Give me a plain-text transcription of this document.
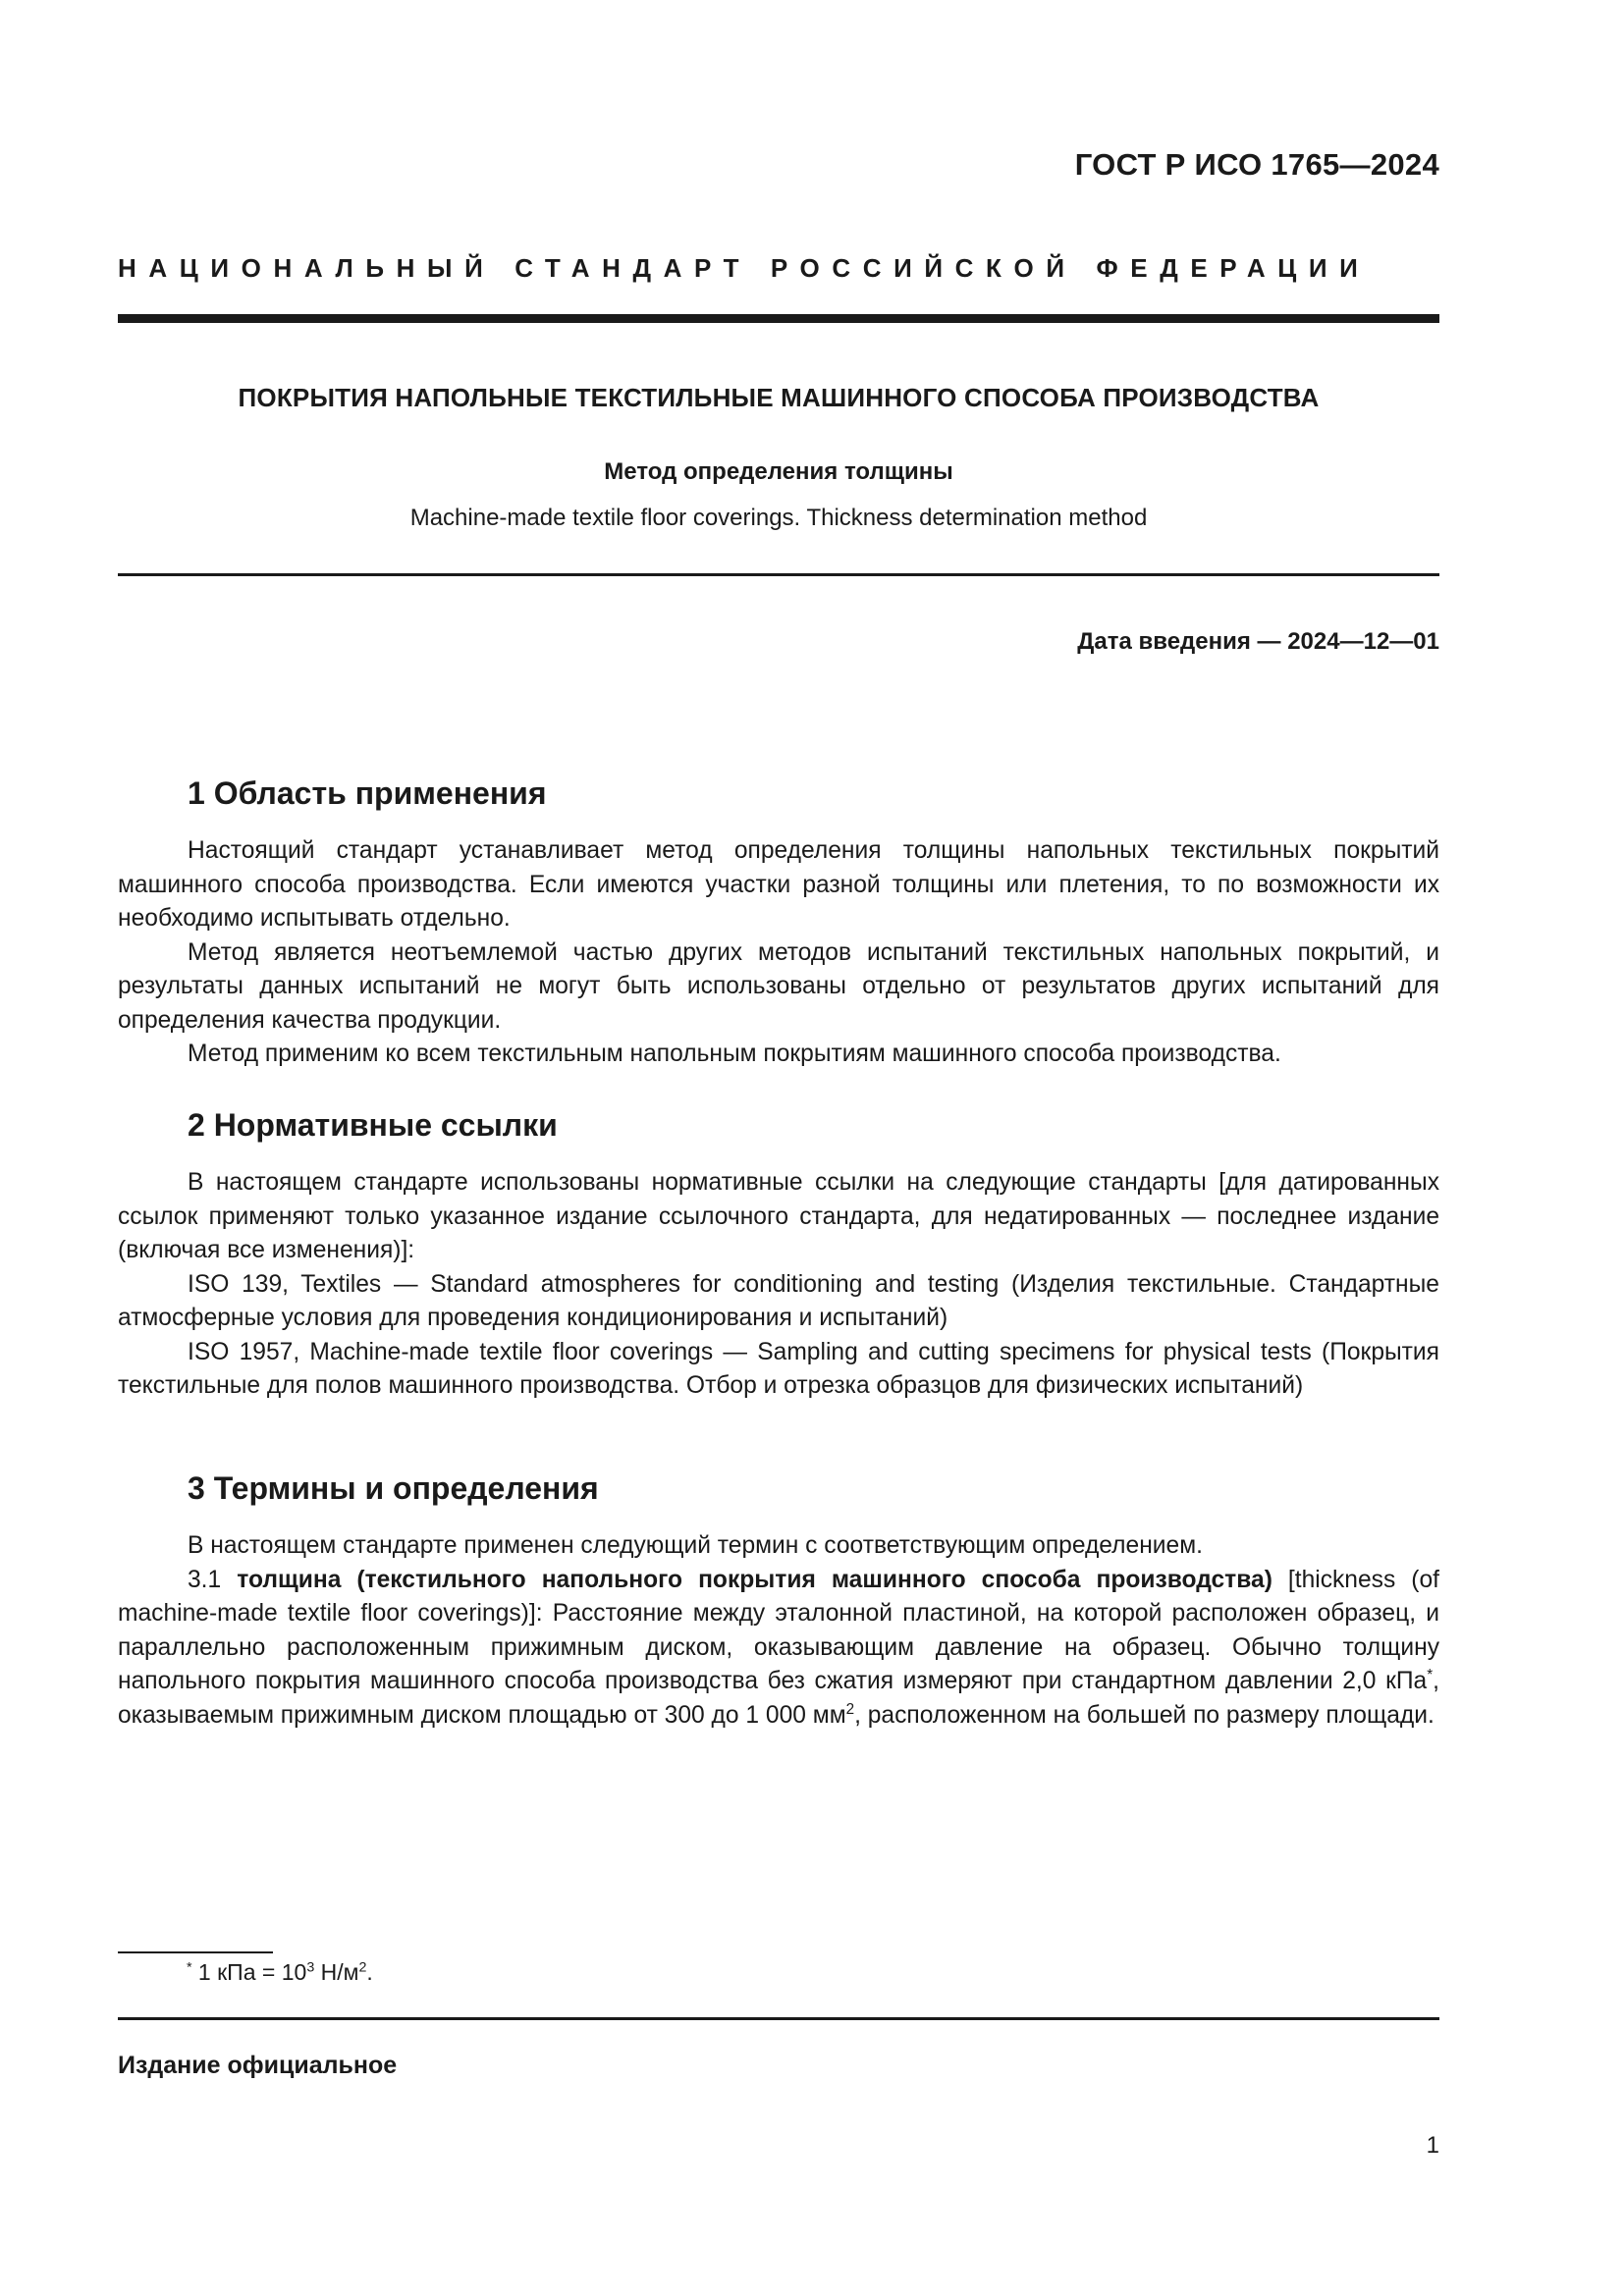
ГОСТ Р ИСО 1765—2024

НАЦИОНАЛЬНЫЙ СТАНДАРТ РОССИЙСКОЙ ФЕДЕРАЦИИ

ПОКРЫТИЯ НАПОЛЬНЫЕ ТЕКСТИЛЬНЫЕ МАШИННОГО СПОСОБА ПРОИЗВОДСТВА

Метод определения толщины

Machine-made textile floor coverings. Thickness determination method

Дата введения — 2024—12—01

1 Область применения

Настоящий стандарт устанавливает метод определения толщины напольных текстильных покрытий машинного способа производства. Если имеются участки разной толщины или плетения, то по возможности их необходимо испытывать отдельно.

Метод является неотъемлемой частью других методов испытаний текстильных напольных покрытий, и результаты данных испытаний не могут быть использованы отдельно от результатов других испытаний для определения качества продукции.

Метод применим ко всем текстильным напольным покрытиям машинного способа производства.

2 Нормативные ссылки

В настоящем стандарте использованы нормативные ссылки на следующие стандарты [для датированных ссылок применяют только указанное издание ссылочного стандарта, для недатированных — последнее издание (включая все изменения)]:

ISO 139, Textiles — Standard atmospheres for conditioning and testing (Изделия текстильные. Стандартные атмосферные условия для проведения кондиционирования и испытаний)

ISO 1957, Machine-made textile floor coverings — Sampling and cutting specimens for physical tests (Покрытия текстильные для полов машинного производства. Отбор и отрезка образцов для физических испытаний)

3 Термины и определения

В настоящем стандарте применен следующий термин с соответствующим определением.

3.1 толщина (текстильного напольного покрытия машинного способа производства) [thickness (of machine-made textile floor coverings)]: Расстояние между эталонной пластиной, на которой расположен образец, и параллельно расположенным прижимным диском, оказывающим давление на образец. Обычно толщину напольного покрытия машинного способа производства без сжатия измеряют при стандартном давлении 2,0 кПа*, оказываемым прижимным диском площадью от 300 до 1 000 $мм^2$, расположенном на большей по размеру площади.

* 1 кПа = $10^3$ $Н/м^2$.

Издание официальное

1
